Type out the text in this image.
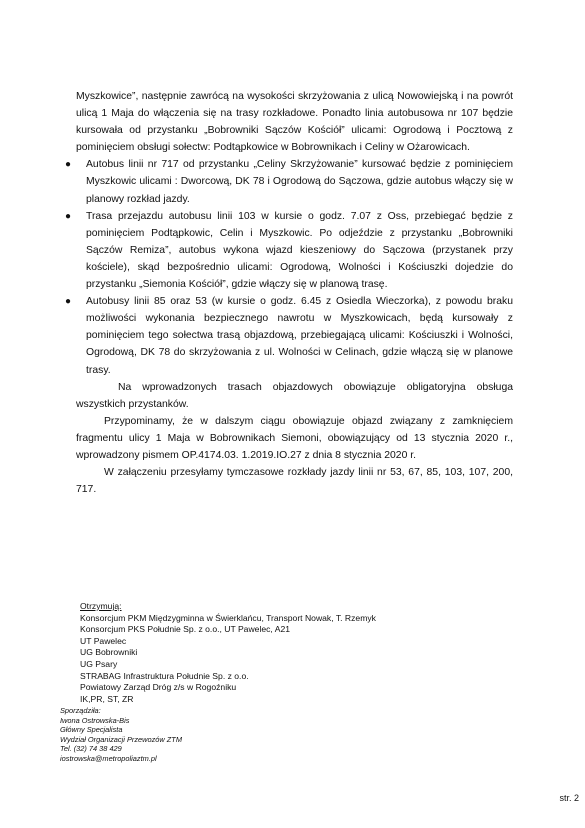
Myszkowice”, następnie zawrócą na wysokości skrzyżowania z ulicą Nowowiejską i na powrót ulicą 1 Maja do włączenia się na trasy rozkładowe. Ponadto linia autobusowa nr 107 będzie kursowała od przystanku „Bobrowniki Sączów Kościół” ulicami: Ogrodową i Pocztową z pominięciem obsługi sołectw: Podtąpkowice w Bobrownikach i Celiny w Ożarowicach.

● Autobus linii nr 717 od przystanku „Celiny Skrzyżowanie” kursować będzie z pominięciem Myszkowic ulicami : Dworcową, DK 78 i Ogrodową do Sączowa, gdzie autobus włączy się w planowy rozkład jazdy.
● Trasa przejazdu autobusu linii 103 w kursie o godz. 7.07 z Oss, przebiegać będzie z pominięciem Podtąpkowic, Celin i Myszkowic. Po odjeździe z przystanku „Bobrowniki Sączów Remiza”, autobus wykona wjazd kieszeniowy do Sączowa (przystanek przy kościele), skąd bezpośrednio ulicami: Ogrodową, Wolności i Kościuszki dojedzie do przystanku „Siemonia Kościół”, gdzie włączy się w planową trasę.
● Autobusy linii 85 oraz 53 (w kursie o godz. 6.45 z Osiedla Wieczorka), z powodu braku możliwości wykonania bezpiecznego nawrotu w Myszkowicach, będą kursowały z pominięciem tego sołectwa trasą objazdową, przebiegającą ulicami: Kościuszki i Wolności, Ogrodową, DK 78 do skrzyżowania z ul. Wolności w Celinach, gdzie włączą się w planowe trasy.

Na wprowadzonych trasach objazdowych obowiązuje obligatoryjna obsługa wszystkich przystanków.

Przypominamy, że w dalszym ciągu obowiązuje objazd związany z zamknięciem fragmentu ulicy 1 Maja w Bobrownikach Siemoni, obowiązujący od 13 stycznia 2020 r., wprowadzony pismem OP.4174.03. 1.2019.IO.27 z dnia 8 stycznia 2020 r.

W załączeniu przesyłamy tymczasowe rozkłady jazdy linii nr 53, 67, 85, 103, 107, 200, 717.

Otrzymują:
Konsorcjum PKM Międzygminna w Świerklańcu, Transport Nowak, T. Rzemyk
Konsorcjum PKS Południe Sp. z o.o., UT Pawelec, A21
UT Pawelec
UG Bobrowniki
UG Psary
STRABAG Infrastruktura Południe Sp. z o.o.
Powiatowy Zarząd Dróg z/s w Rogoźniku
IK,PR, ST, ZR
Sporządziła:
Iwona Ostrowska-Bis
Główny Specjalista
Wydział Organizacji Przewozów ZTM
Tel. (32) 74 38 429
iostrowska@metropoliaztm.pl
str. 2
